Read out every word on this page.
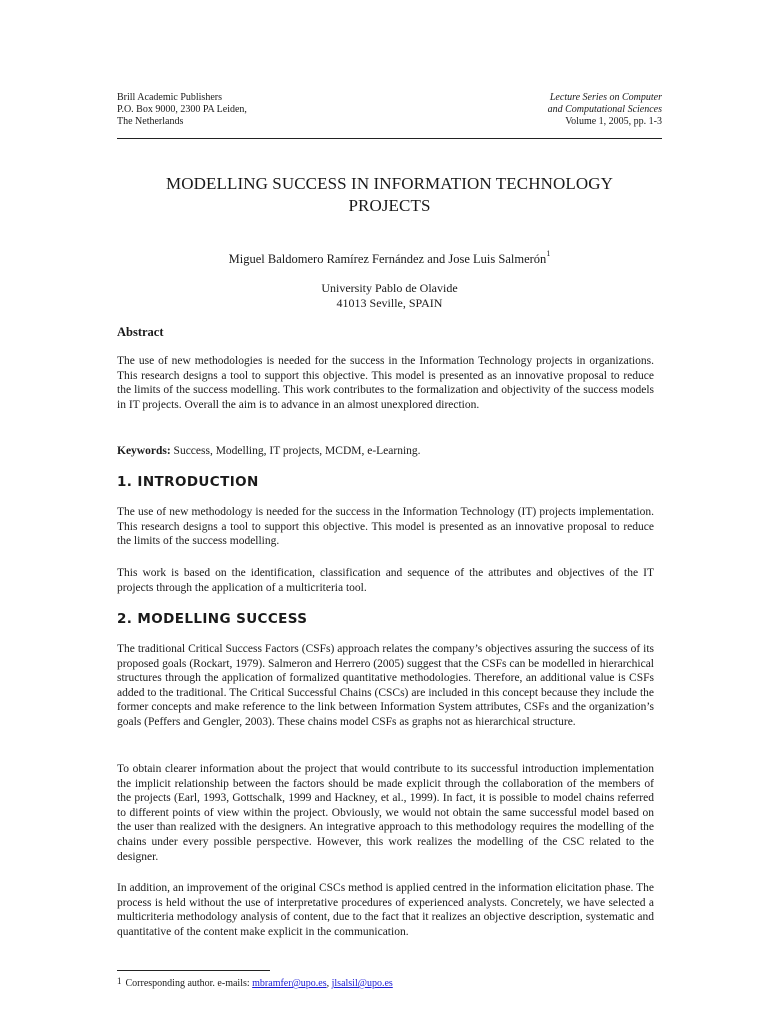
Brill Academic Publishers
P.O. Box 9000, 2300 PA Leiden,
The Netherlands
Lecture Series on Computer
and Computational Sciences
Volume 1, 2005, pp. 1-3
MODELLING SUCCESS IN INFORMATION TECHNOLOGY
PROJECTS
Miguel Baldomero Ramírez Fernández and Jose Luis Salmerón$^1$
University Pablo de Olavide
41013 Seville, SPAIN
Abstract
The use of new methodologies is needed for the success in the Information Technology projects in organizations. This research designs a tool to support this objective. This model is presented as an innovative proposal to reduce the limits of the success modelling. This work contributes to the formalization and objectivity of the success models in IT projects. Overall the aim is to advance in an almost unexplored direction.
Keywords: Success, Modelling, IT projects, MCDM, e-Learning.
1. INTRODUCTION
The use of new methodology is needed for the success in the Information Technology (IT) projects implementation. This research designs a tool to support this objective. This model is presented as an innovative proposal to reduce the limits of the success modelling.
This work is based on the identification, classification and sequence of the attributes and objectives of the IT projects through the application of a multicriteria tool.
2. MODELLING SUCCESS
The traditional Critical Success Factors (CSFs) approach relates the company’s objectives assuring the success of its proposed goals (Rockart, 1979). Salmeron and Herrero (2005) suggest that the CSFs can be modelled in hierarchical structures through the application of formalized quantitative methodologies. Therefore, an additional value is CSFs added to the traditional. The Critical Successful Chains (CSCs) are included in this concept because they include the former concepts and make reference to the link between Information System attributes, CSFs and the organization’s goals (Peffers and Gengler, 2003). These chains model CSFs as graphs not as hierarchical structure.
To obtain clearer information about the project that would contribute to its successful introduction implementation the implicit relationship between the factors should be made explicit through the collaboration of the members of the projects (Earl, 1993, Gottschalk, 1999 and Hackney, et al., 1999). In fact, it is possible to model chains referred to different points of view within the project. Obviously, we would not obtain the same successful model based on the user than realized with the designers. An integrative approach to this methodology requires the modelling of the chains under every possible perspective. However, this work realizes the modelling of the CSC related to the designer.
In addition, an improvement of the original CSCs method is applied centred in the information elicitation phase. The process is held without the use of interpretative procedures of experienced analysts. Concretely, we have selected a multicriteria methodology analysis of content, due to the fact that it realizes an objective description, systematic and quantitative of the content make explicit in the communication.
$^1$ Corresponding author. e-mails: mbramfer@upo.es, jlsalsil@upo.es
